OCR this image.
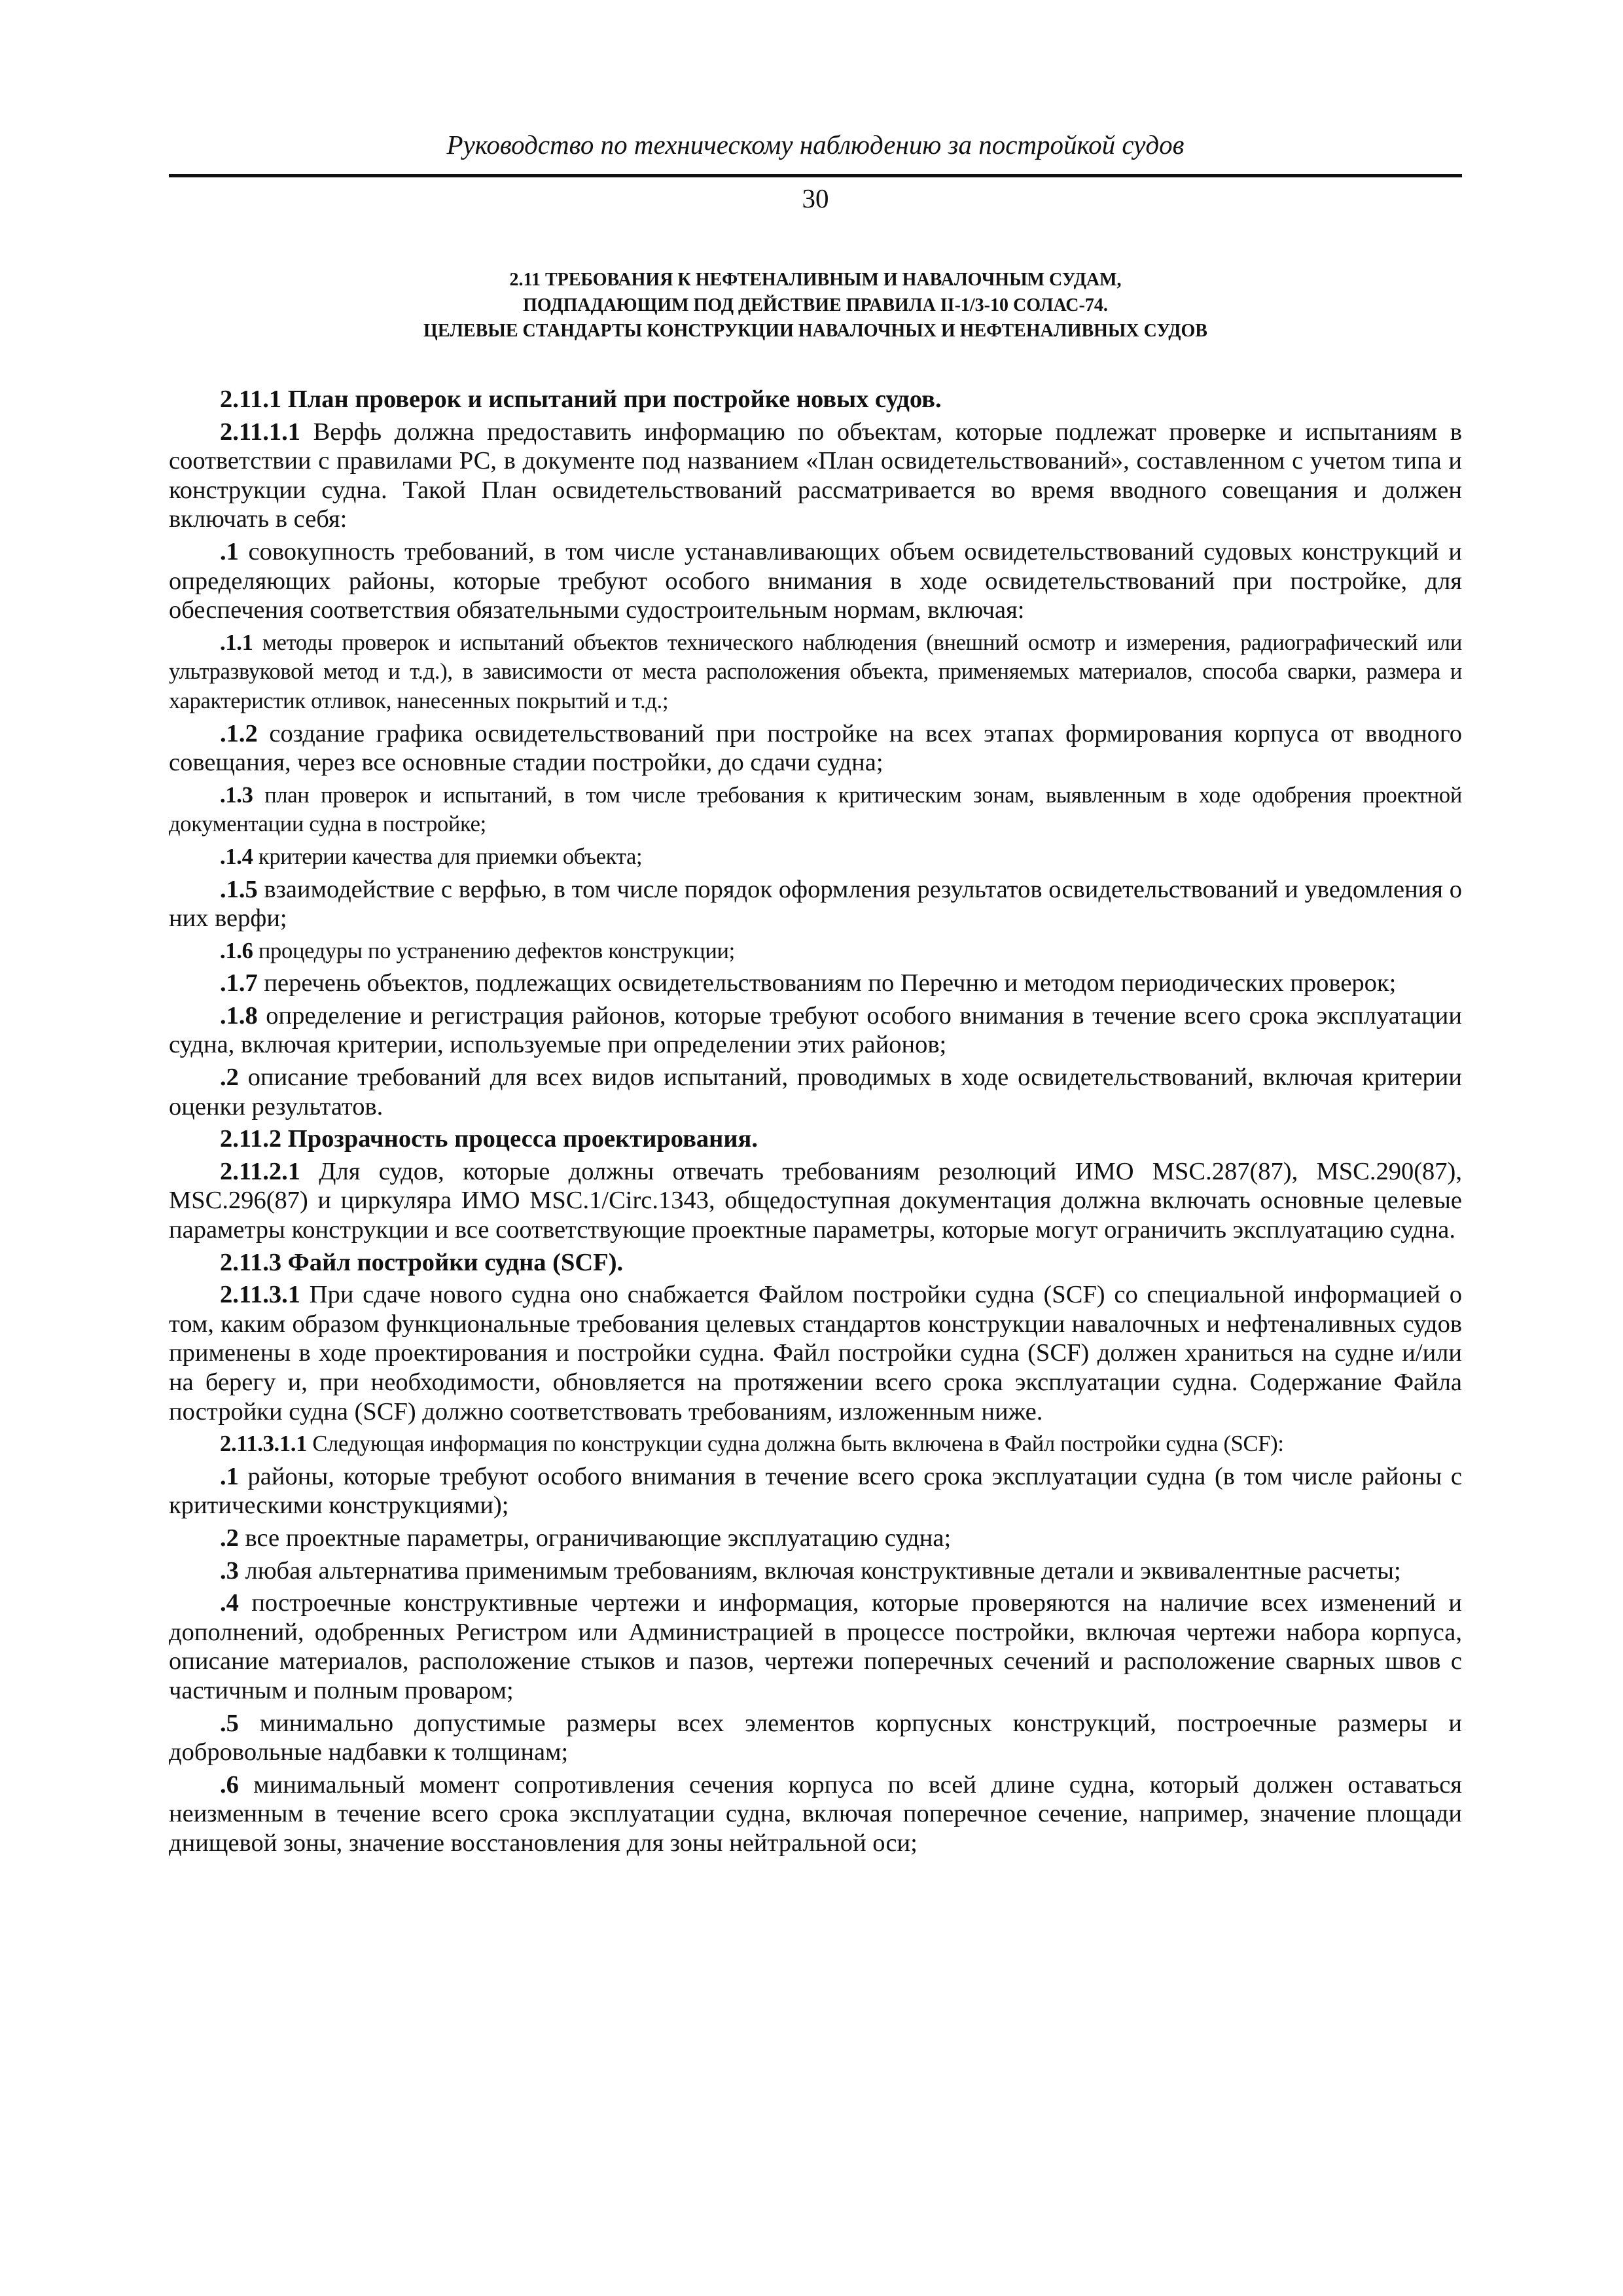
Руководство по техническому наблюдению за постройкой судов
30
2.11 ТРЕБОВАНИЯ К НЕФТЕНАЛИВНЫМ И НАВАЛОЧНЫМ СУДАМ,
ПОДПАДАЮЩИМ ПОД ДЕЙСТВИЕ ПРАВИЛА II-1/3-10 СОЛАС-74.
ЦЕЛЕВЫЕ СТАНДАРТЫ КОНСТРУКЦИИ НАВАЛОЧНЫХ И НЕФТЕНАЛИВНЫХ СУДОВ

2.11.1 План проверок и испытаний при постройке новых судов.

2.11.1.1 Верфь должна предоставить информацию по объектам, которые подлежат проверке и испытаниям в соответствии с правилами РС, в документе под названием «План освидетельствований», составленном с учетом типа и конструкции судна. Такой План освидетельствований рассматривается во время вводного совещания и должен включать в себя:

.1 совокупность требований, в том числе устанавливающих объем освидетельствований судовых конструкций и определяющих районы, которые требуют особого внимания в ходе освидетельствований при постройке, для обеспечения соответствия обязательными судостроительным нормам, включая:

.1.1 методы проверок и испытаний объектов технического наблюдения (внешний осмотр и измерения, радиографический или ультразвуковой метод и т.д.), в зависимости от места расположения объекта, применяемых материалов, способа сварки, размера и характеристик отливок, нанесенных покрытий и т.д.;

.1.2 создание графика освидетельствований при постройке на всех этапах формирования корпуса от вводного совещания, через все основные стадии постройки, до сдачи судна;

.1.3 план проверок и испытаний, в том числе требования к критическим зонам, выявленным в ходе одобрения проектной документации судна в постройке;

.1.4 критерии качества для приемки объекта;

.1.5 взаимодействие с верфью, в том числе порядок оформления результатов освидетельствований и уведомления о них верфи;

.1.6 процедуры по устранению дефектов конструкции;

.1.7 перечень объектов, подлежащих освидетельствованиям по Перечню и методом периодических проверок;

.1.8 определение и регистрация районов, которые требуют особого внимания в течение всего срока эксплуатации судна, включая критерии, используемые при определении этих районов;

.2 описание требований для всех видов испытаний, проводимых в ходе освидетельствований, включая критерии оценки результатов.

2.11.2 Прозрачность процесса проектирования.

2.11.2.1 Для судов, которые должны отвечать требованиям резолюций ИМО MSC.287(87), MSC.290(87), MSC.296(87) и циркуляра ИМО MSC.1/Circ.1343, общедоступная документация должна включать основные целевые параметры конструкции и все соответствующие проектные параметры, которые могут ограничить эксплуатацию судна.

2.11.3 Файл постройки судна (SCF).

2.11.3.1 При сдаче нового судна оно снабжается Файлом постройки судна (SCF) со специальной информацией о том, каким образом функциональные требования целевых стандартов конструкции навалочных и нефтеналивных судов применены в ходе проектирования и постройки судна. Файл постройки судна (SCF) должен храниться на судне и/или на берегу и, при необходимости, обновляется на протяжении всего срока эксплуатации судна. Содержание Файла постройки судна (SCF) должно соответствовать требованиям, изложенным ниже.

2.11.3.1.1 Следующая информация по конструкции судна должна быть включена в Файл постройки судна (SCF):

.1 районы, которые требуют особого внимания в течение всего срока эксплуатации судна (в том числе районы с критическими конструкциями);

.2 все проектные параметры, ограничивающие эксплуатацию судна;

.3 любая альтернатива применимым требованиям, включая конструктивные детали и эквивалентные расчеты;

.4 построечные конструктивные чертежи и информация, которые проверяются на наличие всех изменений и дополнений, одобренных Регистром или Администрацией в процессе постройки, включая чертежи набора корпуса, описание материалов, расположение стыков и пазов, чертежи поперечных сечений и расположение сварных швов с частичным и полным проваром;

.5 минимально допустимые размеры всех элементов корпусных конструкций, построечные размеры и добровольные надбавки к толщинам;

.6 минимальный момент сопротивления сечения корпуса по всей длине судна, который должен оставаться неизменным в течение всего срока эксплуатации судна, включая поперечное сечение, например, значение площади днищевой зоны, значение восстановления для зоны нейтральной оси;
